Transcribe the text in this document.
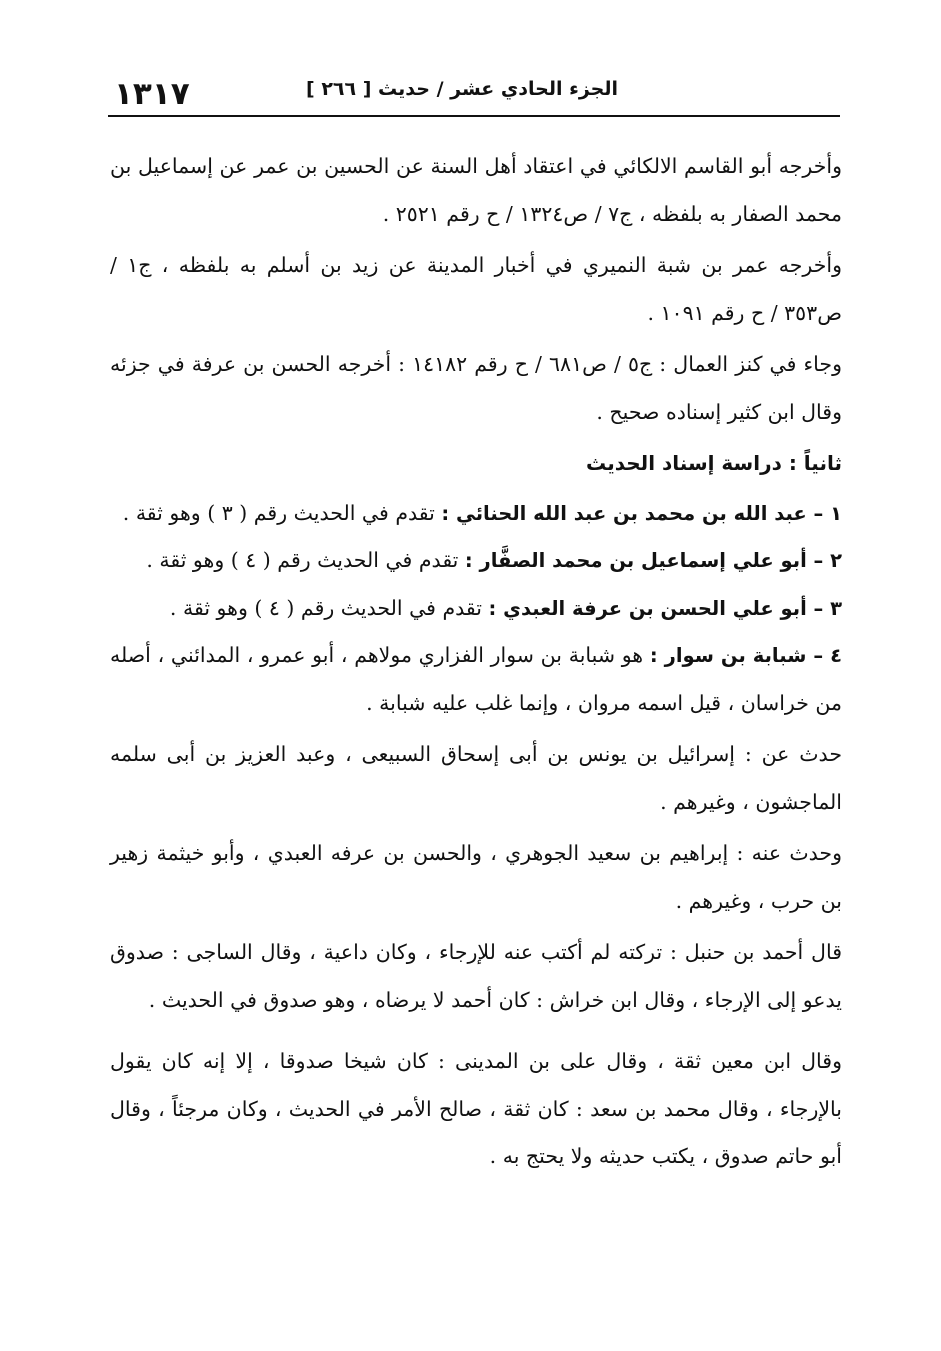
١٣١٧	الجزء الحادي عشر / حديث [ ٢٦٦ ]

وأخرجه أبو القاسم الالكائي في اعتقاد أهل السنة عن الحسين بن عمر عن إسماعيل بن محمد الصفار به بلفظه ، ج٧ / ص١٣٢٤ / ح رقم ٢٥٢١ .

وأخرجه عمر بن شبة النميري في أخبار المدينة عن زيد بن أسلم به بلفظه ، ج١ / ص٣٥٣ / ح رقم ١٠٩١ .

وجاء في كنز العمال : ج٥ / ص٦٨١ / ح رقم ١٤١٨٢ : أخرجه الحسن بن عرفة في جزئه وقال ابن كثير إسناده صحيح .

ثانياً : دراسة إسناد الحديث

١ – عبد الله بن محمد بن عبد الله الحنائي : تقدم في الحديث رقم ( ٣ ) وهو ثقة .

٢ – أبو علي إسماعيل بن محمد الصفَّار : تقدم في الحديث رقم ( ٤ ) وهو ثقة .

٣ – أبو علي الحسن بن عرفة العبدي : تقدم في الحديث رقم ( ٤ ) وهو ثقة .

٤ – شبابة بن سوار : هو شبابة بن سوار الفزاري مولاهم ، أبو عمرو ، المدائني ، أصله من خراسان ، قيل اسمه مروان ، وإنما غلب عليه شبابة .

حدث عن : إسرائيل بن يونس بن أبى إسحاق السبيعى ، وعبد العزيز بن أبى سلمه الماجشون ، وغيرهم .

وحدث عنه : إبراهيم بن سعيد الجوهري ، والحسن بن عرفه العبدي ، وأبو خيثمة زهير بن حرب ، وغيرهم .

قال أحمد بن حنبل : تركته لم أكتب عنه للإرجاء ، وكان داعية ، وقال الساجى : صدوق يدعو إلى الإرجاء ، وقال ابن خراش : كان أحمد لا يرضاه ، وهو صدوق في الحديث .

وقال ابن معين ثقة ، وقال على بن المدينى : كان شيخا صدوقا ، إلا إنه كان يقول بالإرجاء ، وقال محمد بن سعد : كان ثقة ، صالح الأمر في الحديث ، وكان مرجئاً ، وقال أبو حاتم صدوق ، يكتب حديثه ولا يحتج به .
